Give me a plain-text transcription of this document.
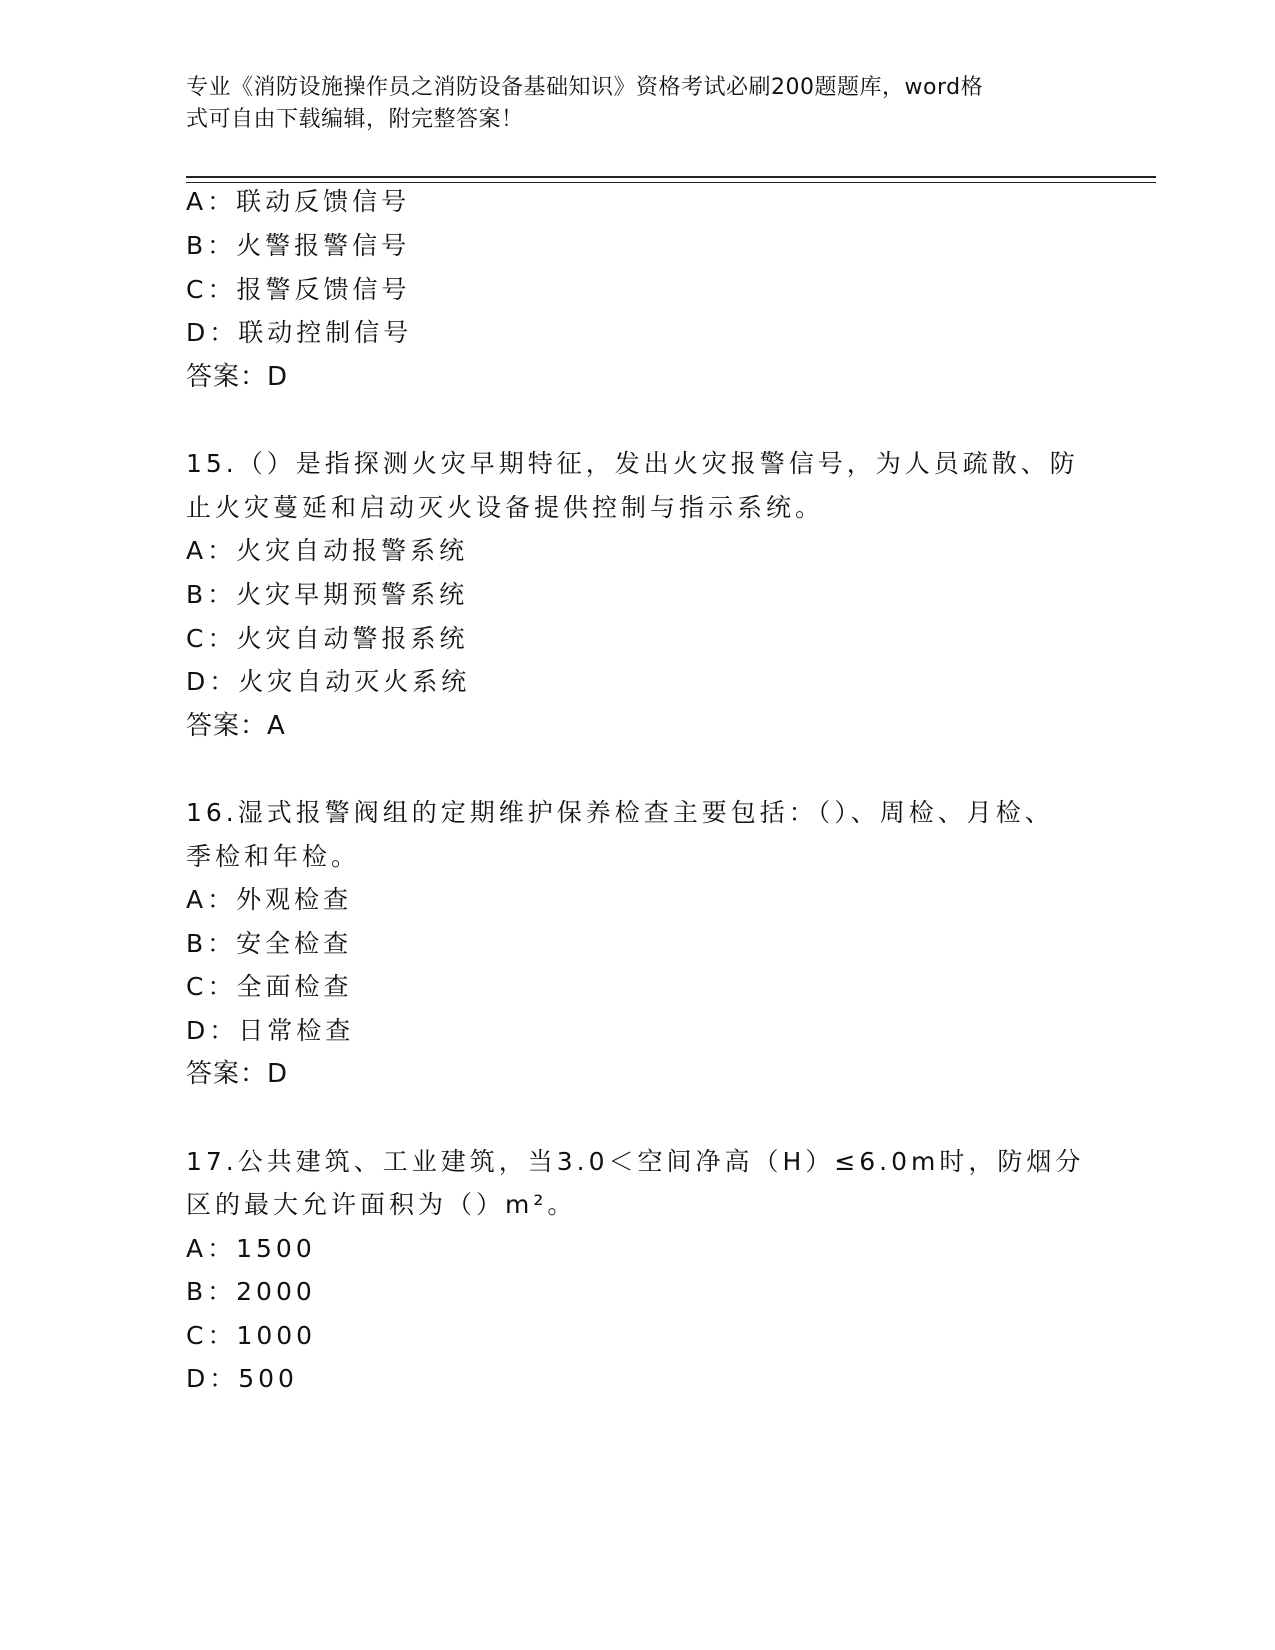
专业《消防设施操作员之消防设备基础知识》资格考试必刷200题题库，word格
式可自由下载编辑，附完整答案！
A：联动反馈信号
B：火警报警信号
C：报警反馈信号
D：联动控制信号
答案：D
15.（）是指探测火灾早期特征，发出火灾报警信号，为人员疏散、防
止火灾蔓延和启动灭火设备提供控制与指示系统。
A：火灾自动报警系统
B：火灾早期预警系统
C：火灾自动警报系统
D：火灾自动灭火系统
答案：A
16.湿式报警阀组的定期维护保养检查主要包括：（）、周检、月检、
季检和年检。
A：外观检查
B：安全检查
C：全面检查
D：日常检查
答案：D
17.公共建筑、工业建筑，当3.0＜空间净高（H）≤6.0m时，防烟分
区的最大允许面积为（）m²。
A：1500
B：2000
C：1000
D：500
